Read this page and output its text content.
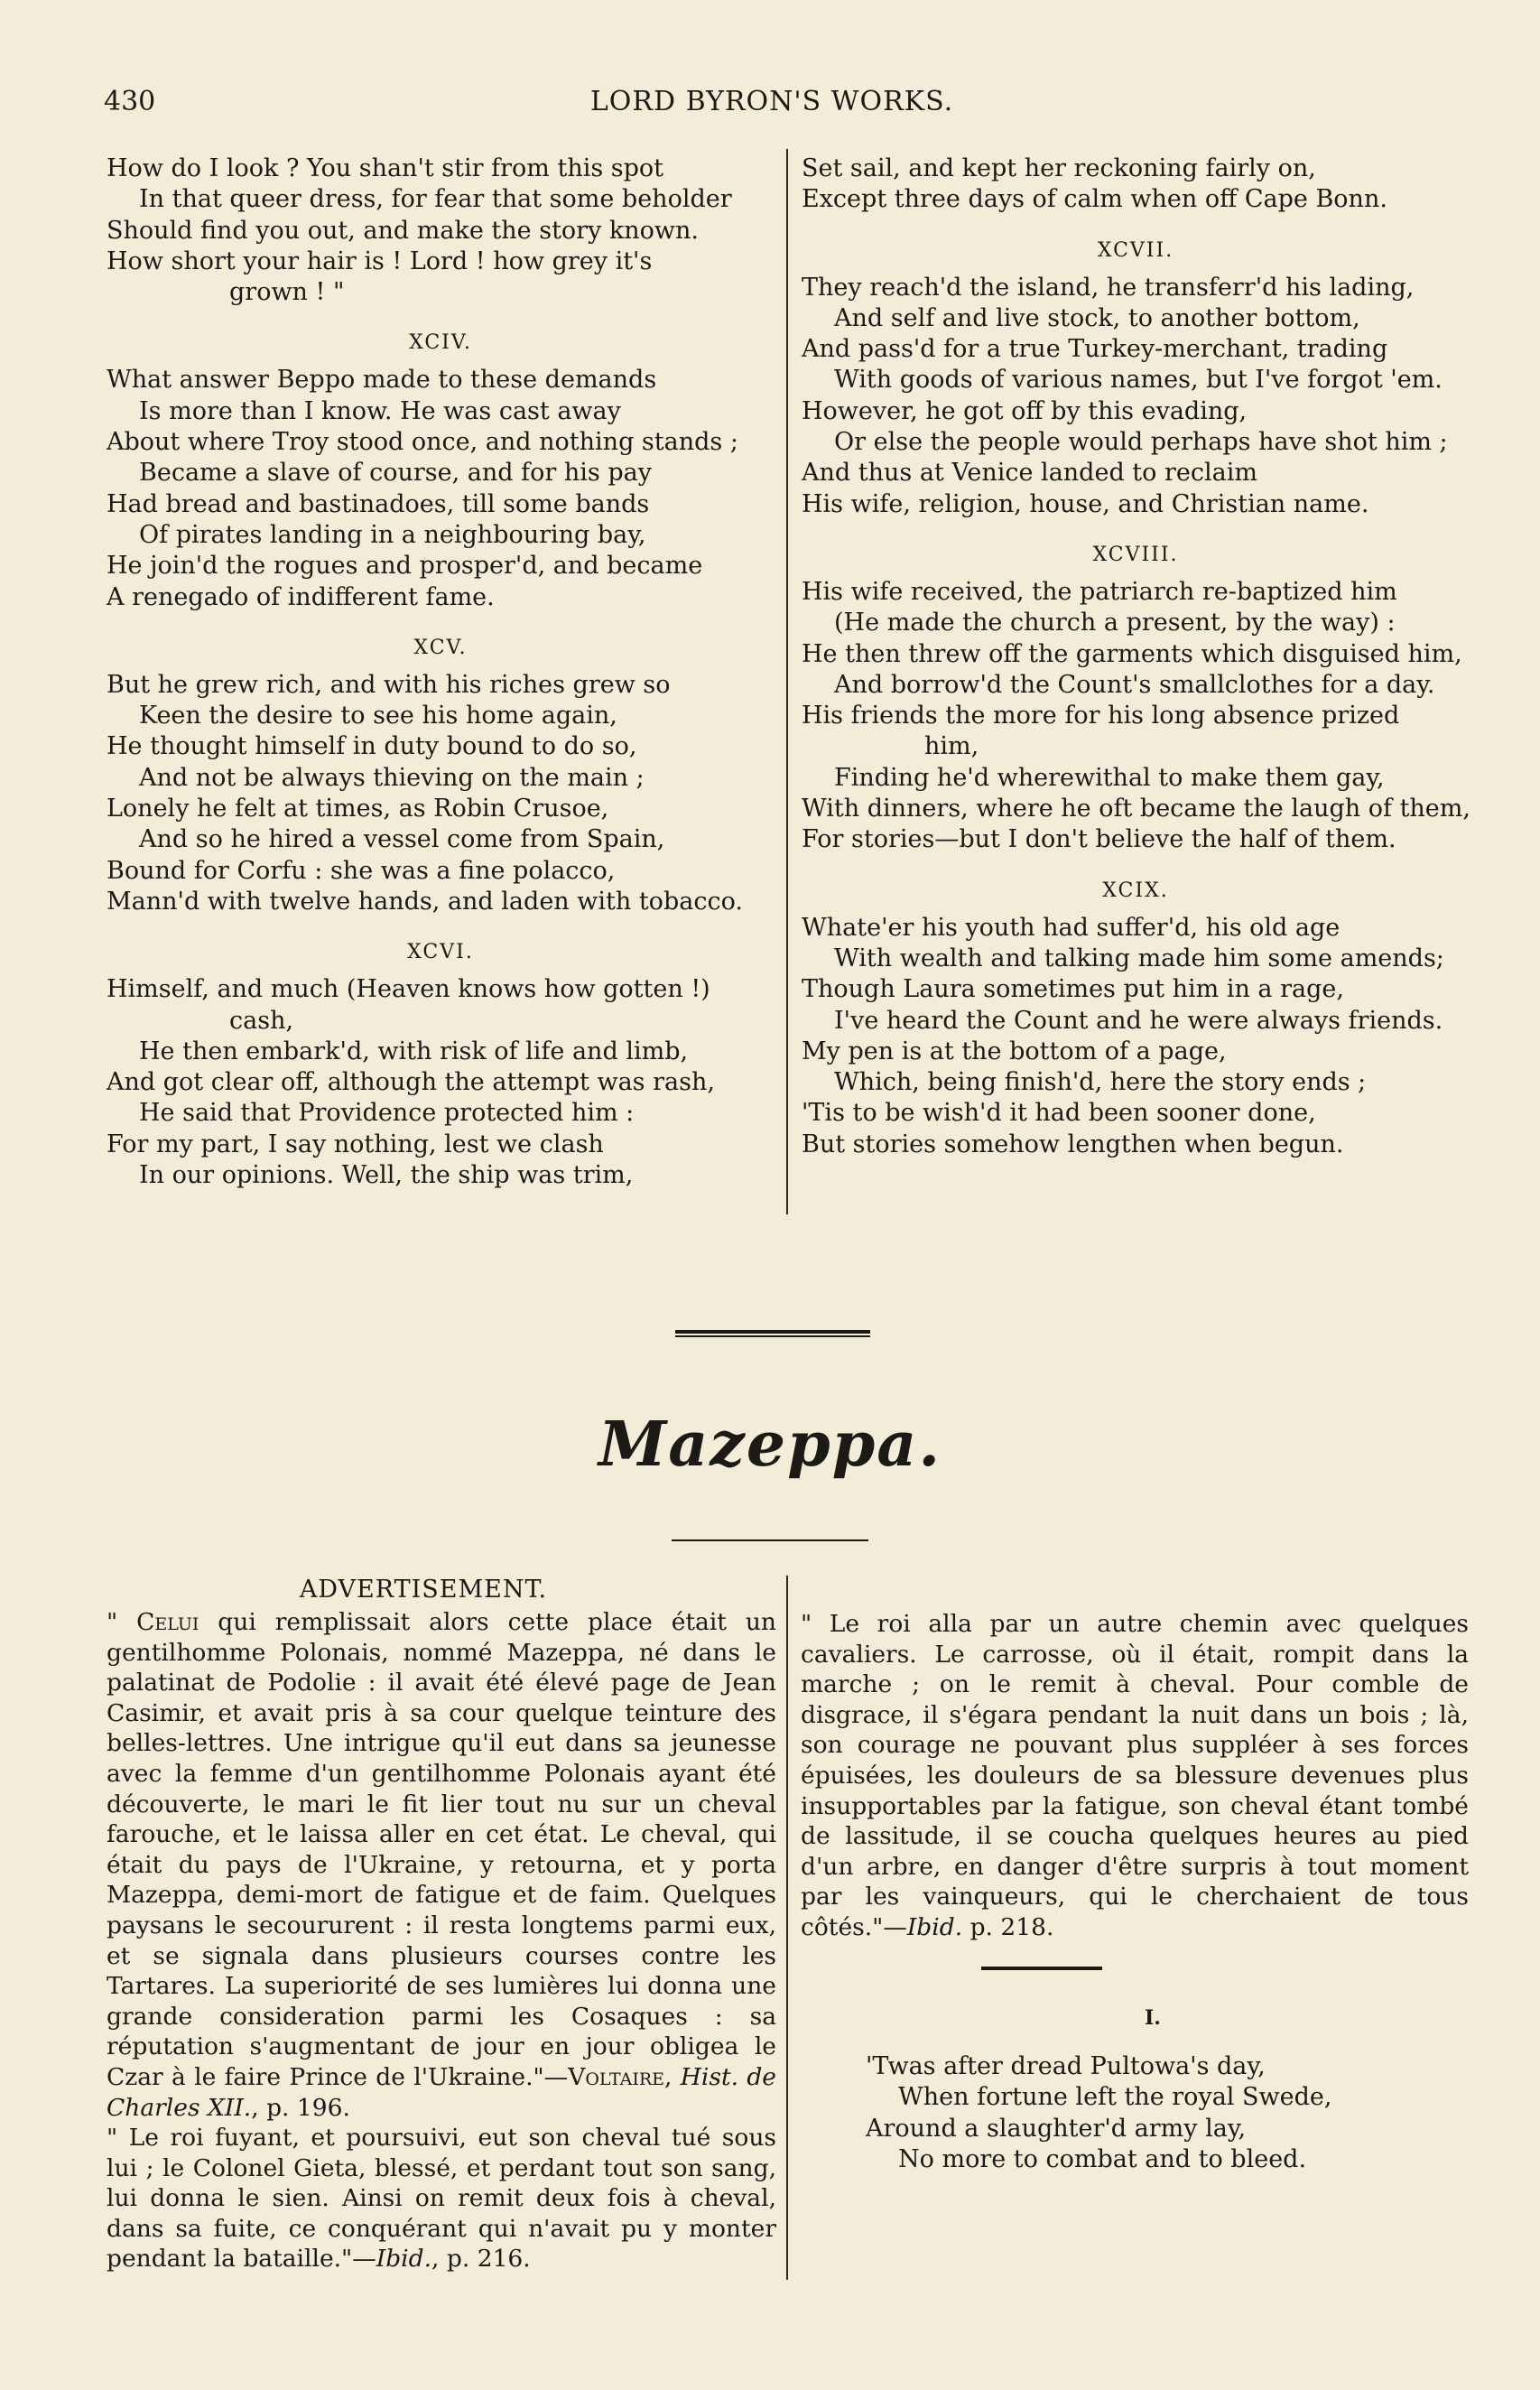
430	LORD BYRON'S WORKS.
How do I look ? You shan't stir from this spot
In that queer dress, for fear that some beholder
Should find you out, and make the story known.
How short your hair is ! Lord ! how grey it's
grown ! "
XCIV.
What answer Beppo made to these demands
Is more than I know. He was cast away
About where Troy stood once, and nothing stands ;
Became a slave of course, and for his pay
Had bread and bastinadoes, till some bands
Of pirates landing in a neighbouring bay,
He join'd the rogues and prosper'd, and became
A renegado of indifferent fame.
XCV.
But he grew rich, and with his riches grew so
Keen the desire to see his home again,
He thought himself in duty bound to do so,
And not be always thieving on the main ;
Lonely he felt at times, as Robin Crusoe,
And so he hired a vessel come from Spain,
Bound for Corfu : she was a fine polacco,
Mann'd with twelve hands, and laden with tobacco.
XCVI.
Himself, and much (Heaven knows how gotten !)
cash,
He then embark'd, with risk of life and limb,
And got clear off, although the attempt was rash,
He said that Providence protected him :
For my part, I say nothing, lest we clash
In our opinions. Well, the ship was trim,
Set sail, and kept her reckoning fairly on,
Except three days of calm when off Cape Bonn.
XCVII.
They reach'd the island, he transferr'd his lading,
And self and live stock, to another bottom,
And pass'd for a true Turkey-merchant, trading
With goods of various names, but I've forgot 'em.
However, he got off by this evading,
Or else the people would perhaps have shot him ;
And thus at Venice landed to reclaim
His wife, religion, house, and Christian name.
XCVIII.
His wife received, the patriarch re-baptized him
(He made the church a present, by the way) :
He then threw off the garments which disguised him,
And borrow'd the Count's smallclothes for a day.
His friends the more for his long absence prized
him,
Finding he'd wherewithal to make them gay,
With dinners, where he oft became the laugh of them,
For stories—but I don't believe the half of them.
XCIX.
Whate'er his youth had suffer'd, his old age
With wealth and talking made him some amends;
Though Laura sometimes put him in a rage,
I've heard the Count and he were always friends.
My pen is at the bottom of a page,
Which, being finish'd, here the story ends ;
'Tis to be wish'd it had been sooner done,
But stories somehow lengthen when begun.
Mazeppa.
ADVERTISEMENT.

" Celui qui remplissait alors cette place était un gentilhomme Polonais, nommé Mazeppa, né dans le palatinat de Podolie : il avait été élevé page de Jean Casimir, et avait pris à sa cour quelque teinture des belles-lettres. Une intrigue qu'il eut dans sa jeunesse avec la femme d'un gentilhomme Polonais ayant été découverte, le mari le fit lier tout nu sur un cheval farouche, et le laissa aller en cet état. Le cheval, qui était du pays de l'Ukraine, y retourna, et y porta Mazeppa, demi-mort de fatigue et de faim. Quelques paysans le secoururent : il resta longtems parmi eux, et se signala dans plusieurs courses contre les Tartares. La superiorité de ses lumières lui donna une grande consideration parmi les Cosaques : sa réputation s'augmentant de jour en jour obligea le Czar à le faire Prince de l'Ukraine."—Voltaire, Hist. de Charles XII., p. 196.

" Le roi fuyant, et poursuivi, eut son cheval tué sous lui ; le Colonel Gieta, blessé, et perdant tout son sang, lui donna le sien. Ainsi on remit deux fois à cheval, dans sa fuite, ce conquérant qui n'avait pu y monter pendant la bataille."—Ibid., p. 216.

" Le roi alla par un autre chemin avec quelques cavaliers. Le carrosse, où il était, rompit dans la marche ; on le remit à cheval. Pour comble de disgrace, il s'égara pendant la nuit dans un bois ; là, son courage ne pouvant plus suppléer à ses forces épuisées, les douleurs de sa blessure devenues plus insupportables par la fatigue, son cheval étant tombé de lassitude, il se coucha quelques heures au pied d'un arbre, en danger d'être surpris à tout moment par les vainqueurs, qui le cherchaient de tous côtés."—Ibid. p. 218.

I.
'Twas after dread Pultowa's day,
When fortune left the royal Swede,
Around a slaughter'd army lay,
No more to combat and to bleed.
